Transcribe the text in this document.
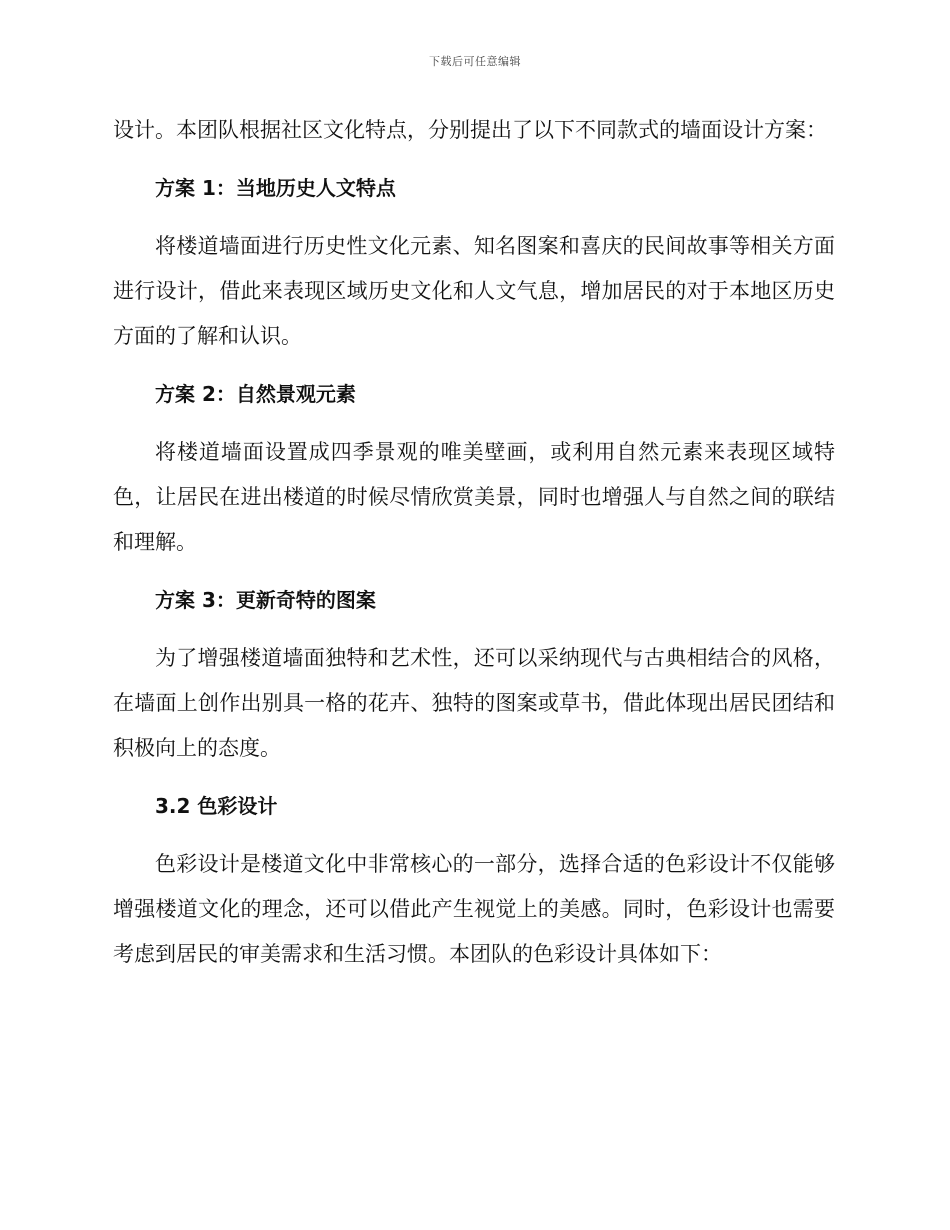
下载后可任意编辑

设计。本团队根据社区文化特点，分别提出了以下不同款式的墙面设计方案：

方案 1：当地历史人文特点

将楼道墙面进行历史性文化元素、知名图案和喜庆的民间故事等相关方面进行设计，借此来表现区域历史文化和人文气息，增加居民的对于本地区历史方面的了解和认识。

方案 2：自然景观元素

将楼道墙面设置成四季景观的唯美壁画，或利用自然元素来表现区域特色，让居民在进出楼道的时候尽情欣赏美景，同时也增强人与自然之间的联结和理解。

方案 3：更新奇特的图案

为了增强楼道墙面独特和艺术性，还可以采纳现代与古典相结合的风格，在墙面上创作出别具一格的花卉、独特的图案或草书，借此体现出居民团结和积极向上的态度。

3.2 色彩设计

色彩设计是楼道文化中非常核心的一部分，选择合适的色彩设计不仅能够增强楼道文化的理念，还可以借此产生视觉上的美感。同时，色彩设计也需要考虑到居民的审美需求和生活习惯。本团队的色彩设计具体如下：
